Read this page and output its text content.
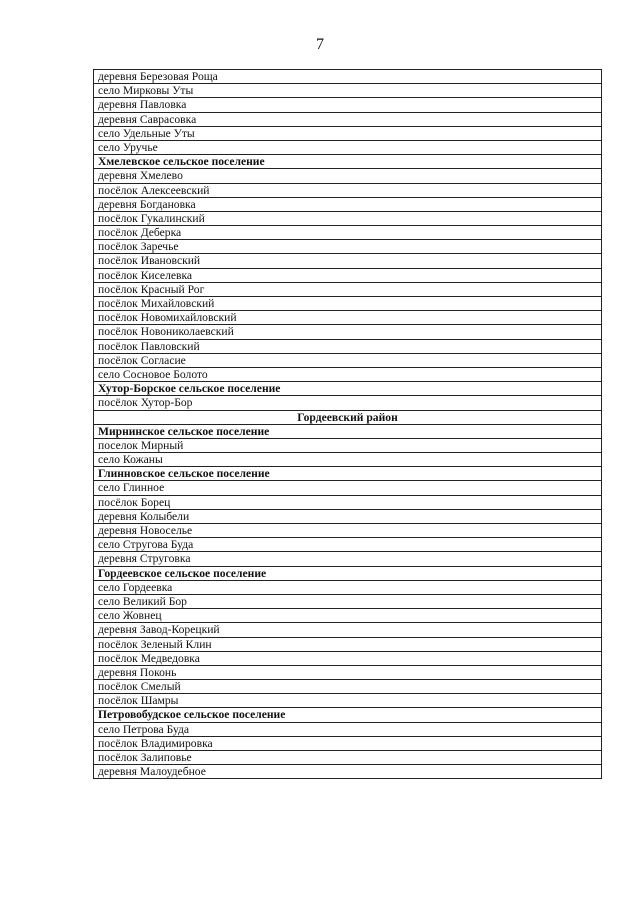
7
деревня Березовая Роща
село Мирковы Уты
деревня Павловка
деревня Савраcовка
село Удельные Уты
село Уручье
Хмелевское сельское поселение
деревня Хмелево
посёлок Алексеевский
деревня Богдановка
посёлок Гукалинский
посёлок Деберка
посёлок Заречье
посёлок Ивановский
посёлок Киселевка
посёлок Красный Рог
посёлок Михайловский
посёлок Новомихайловский
посёлок Новониколаевский
посёлок Павловский
посёлок Согласие
село Сосновое Болото
Хутор-Борское сельское поселение
посёлок Хутор-Бор
Гордеевский район
Мирнинское сельское поселение
поселок Мирный
село Кожаны
Глинновское сельское поселение
село Глинное
посёлок Борец
деревня Колыбели
деревня Новоселье
село Стругова Буда
деревня Струговка
Гордеевское сельское поселение
село Гордеевка
село Великий Бор
село Жовнец
деревня Завод-Корецкий
посёлок Зеленый Клин
посёлок Медведовка
деревня Поконь
посёлок Смелый
посёлок Шамры
Петровобудское сельское поселение
село Петрова Буда
посёлок Владимировка
посёлок Залиповье
деревня Малоудебное
